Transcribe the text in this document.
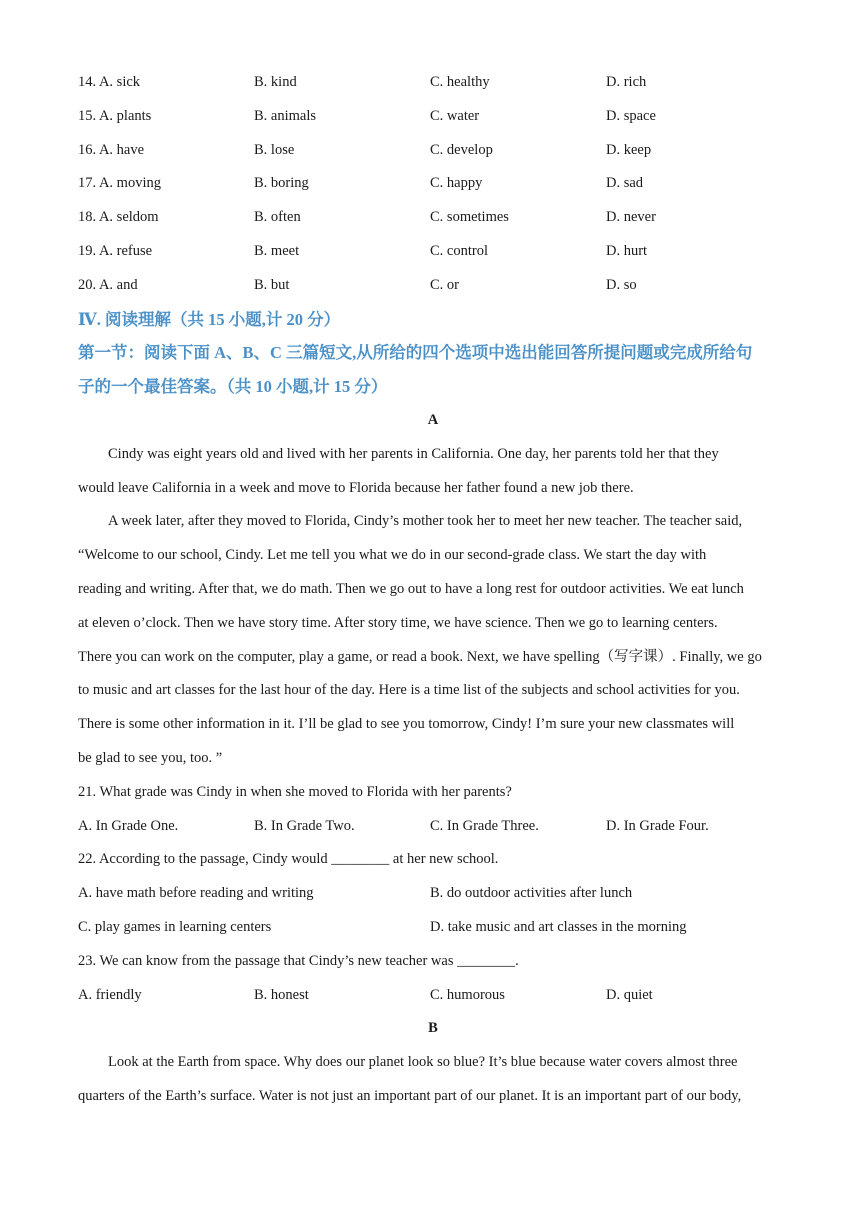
14. A. sick	B. kind	C. healthy	D. rich
15. A. plants	B. animals	C. water	D. space
16. A. have	B. lose	C. develop	D. keep
17. A. moving	B. boring	C. happy	D. sad
18. A. seldom	B. often	C. sometimes	D. never
19. A. refuse	B. meet	C. control	D. hurt
20. A. and	B. but	C. or	D. so
Ⅳ. 阅读理解（共 15 小题,计 20 分）
第一节：阅读下面 A、B、C 三篇短文,从所给的四个选项中选出能回答所提问题或完成所给句
子的一个最佳答案。（共 10 小题,计 15 分）
A
Cindy was eight years old and lived with her parents in California. One day, her parents told her that they
would leave California in a week and move to Florida because her father found a new job there.
A week later, after they moved to Florida, Cindy’s mother took her to meet her new teacher. The teacher said,
“Welcome to our school, Cindy. Let me tell you what we do in our second-grade class. We start the day with
reading and writing. After that, we do math. Then we go out to have a long rest for outdoor activities. We eat lunch
at eleven o’clock. Then we have story time. After story time, we have science. Then we go to learning centers.
There you can work on the computer, play a game, or read a book. Next, we have spelling（写字课）. Finally, we go
to music and art classes for the last hour of the day. Here is a time list of the subjects and school activities for you.
There is some other information in it. I’ll be glad to see you tomorrow, Cindy! I’m sure your new classmates will
be glad to see you, too. ”
21. What grade was Cindy in when she moved to Florida with her parents?
A. In Grade One.	B. In Grade Two.	C. In Grade Three.	D. In Grade Four.
22. According to the passage, Cindy would ________ at her new school.
A. have math before reading and writing	B. do outdoor activities after lunch
C. play games in learning centers	D. take music and art classes in the morning
23. We can know from the passage that Cindy’s new teacher was ________.
A. friendly	B. honest	C. humorous	D. quiet
B
Look at the Earth from space. Why does our planet look so blue? It’s blue because water covers almost three
quarters of the Earth’s surface. Water is not just an important part of our planet. It is an important part of our body,
